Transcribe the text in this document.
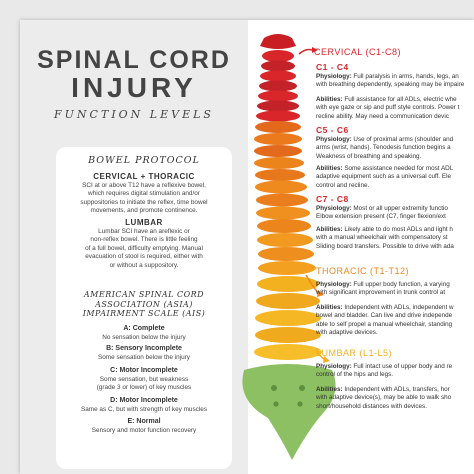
SPINAL CORD
INJURY
FUNCTION LEVELS
BOWEL PROTOCOL
CERVICAL + THORACIC
SCI at or above T12 have a reflexive bowel,
which requires digital stimulation and/or
suppositories to initiate the reflex, time bowel
movements, and promote continence.
LUMBAR
Lumbar SCI have an areflexic or
non-reflex bowel. There is little feeling
of a full bowel, difficulty emptying. Manual
evacuation of stool is required, either with
or without a suppository.
AMERICAN SPINAL CORD
ASSOCIATION (ASIA)
IMPAIRMENT SCALE (AIS)
A: Complete
No sensation below the injury
B: Sensory Incomplete
Some sensation below the injury
C: Motor Incomplete
Some sensation, but weakness
(grade 3 or lower) of key muscles
D: Motor Incomplete
Same as C, but with strength of key muscles
E: Normal
Sensory and motor function recovery
CERVICAL (C1-C8)
C1 - C4
Physiology: Full paralysis in arms, hands, legs, an
with breathing dependently, speaking may be impaire
Abilities: Full assistance for all ADLs, electric whe
with eye gaze or sip and puff style controls. Power t
recline ability. May need a communication devic
C5 - C6
Physiology: Use of proximal arms (shoulder and
arms (wrist, hands). Tenodesis function begins a
Weakness of breathing and speaking.
Abilities: Some assistance needed for most ADL
adaptive equipment such as a universal cuff. Ele
control and recline.
C7 - C8
Physiology: Most or all upper extremity functio
Elbow extension present (C7, finger flexion/ext
Abilities: Likely able to do most ADLs and light h
with a manual wheelchair with compensatory st
Sliding board transfers. Possible to drive with ada
THORACIC (T1-T12)
Physiology: Full upper body function, a varying
with significant improvement in trunk control at
Abilities: Independent with ADLs, independent w
bowel and bladder. Can live and drive independe
able to self propel a manual wheelchair, standing
with adaptive devices.
LUMBAR (L1-L5)
Physiology: Full intact use of upper body and re
control of the hips and legs.
Abilities: Independent with ADLs, transfers, hor
with adaptive device(s), may be able to walk sho
short/household distances with devices.
